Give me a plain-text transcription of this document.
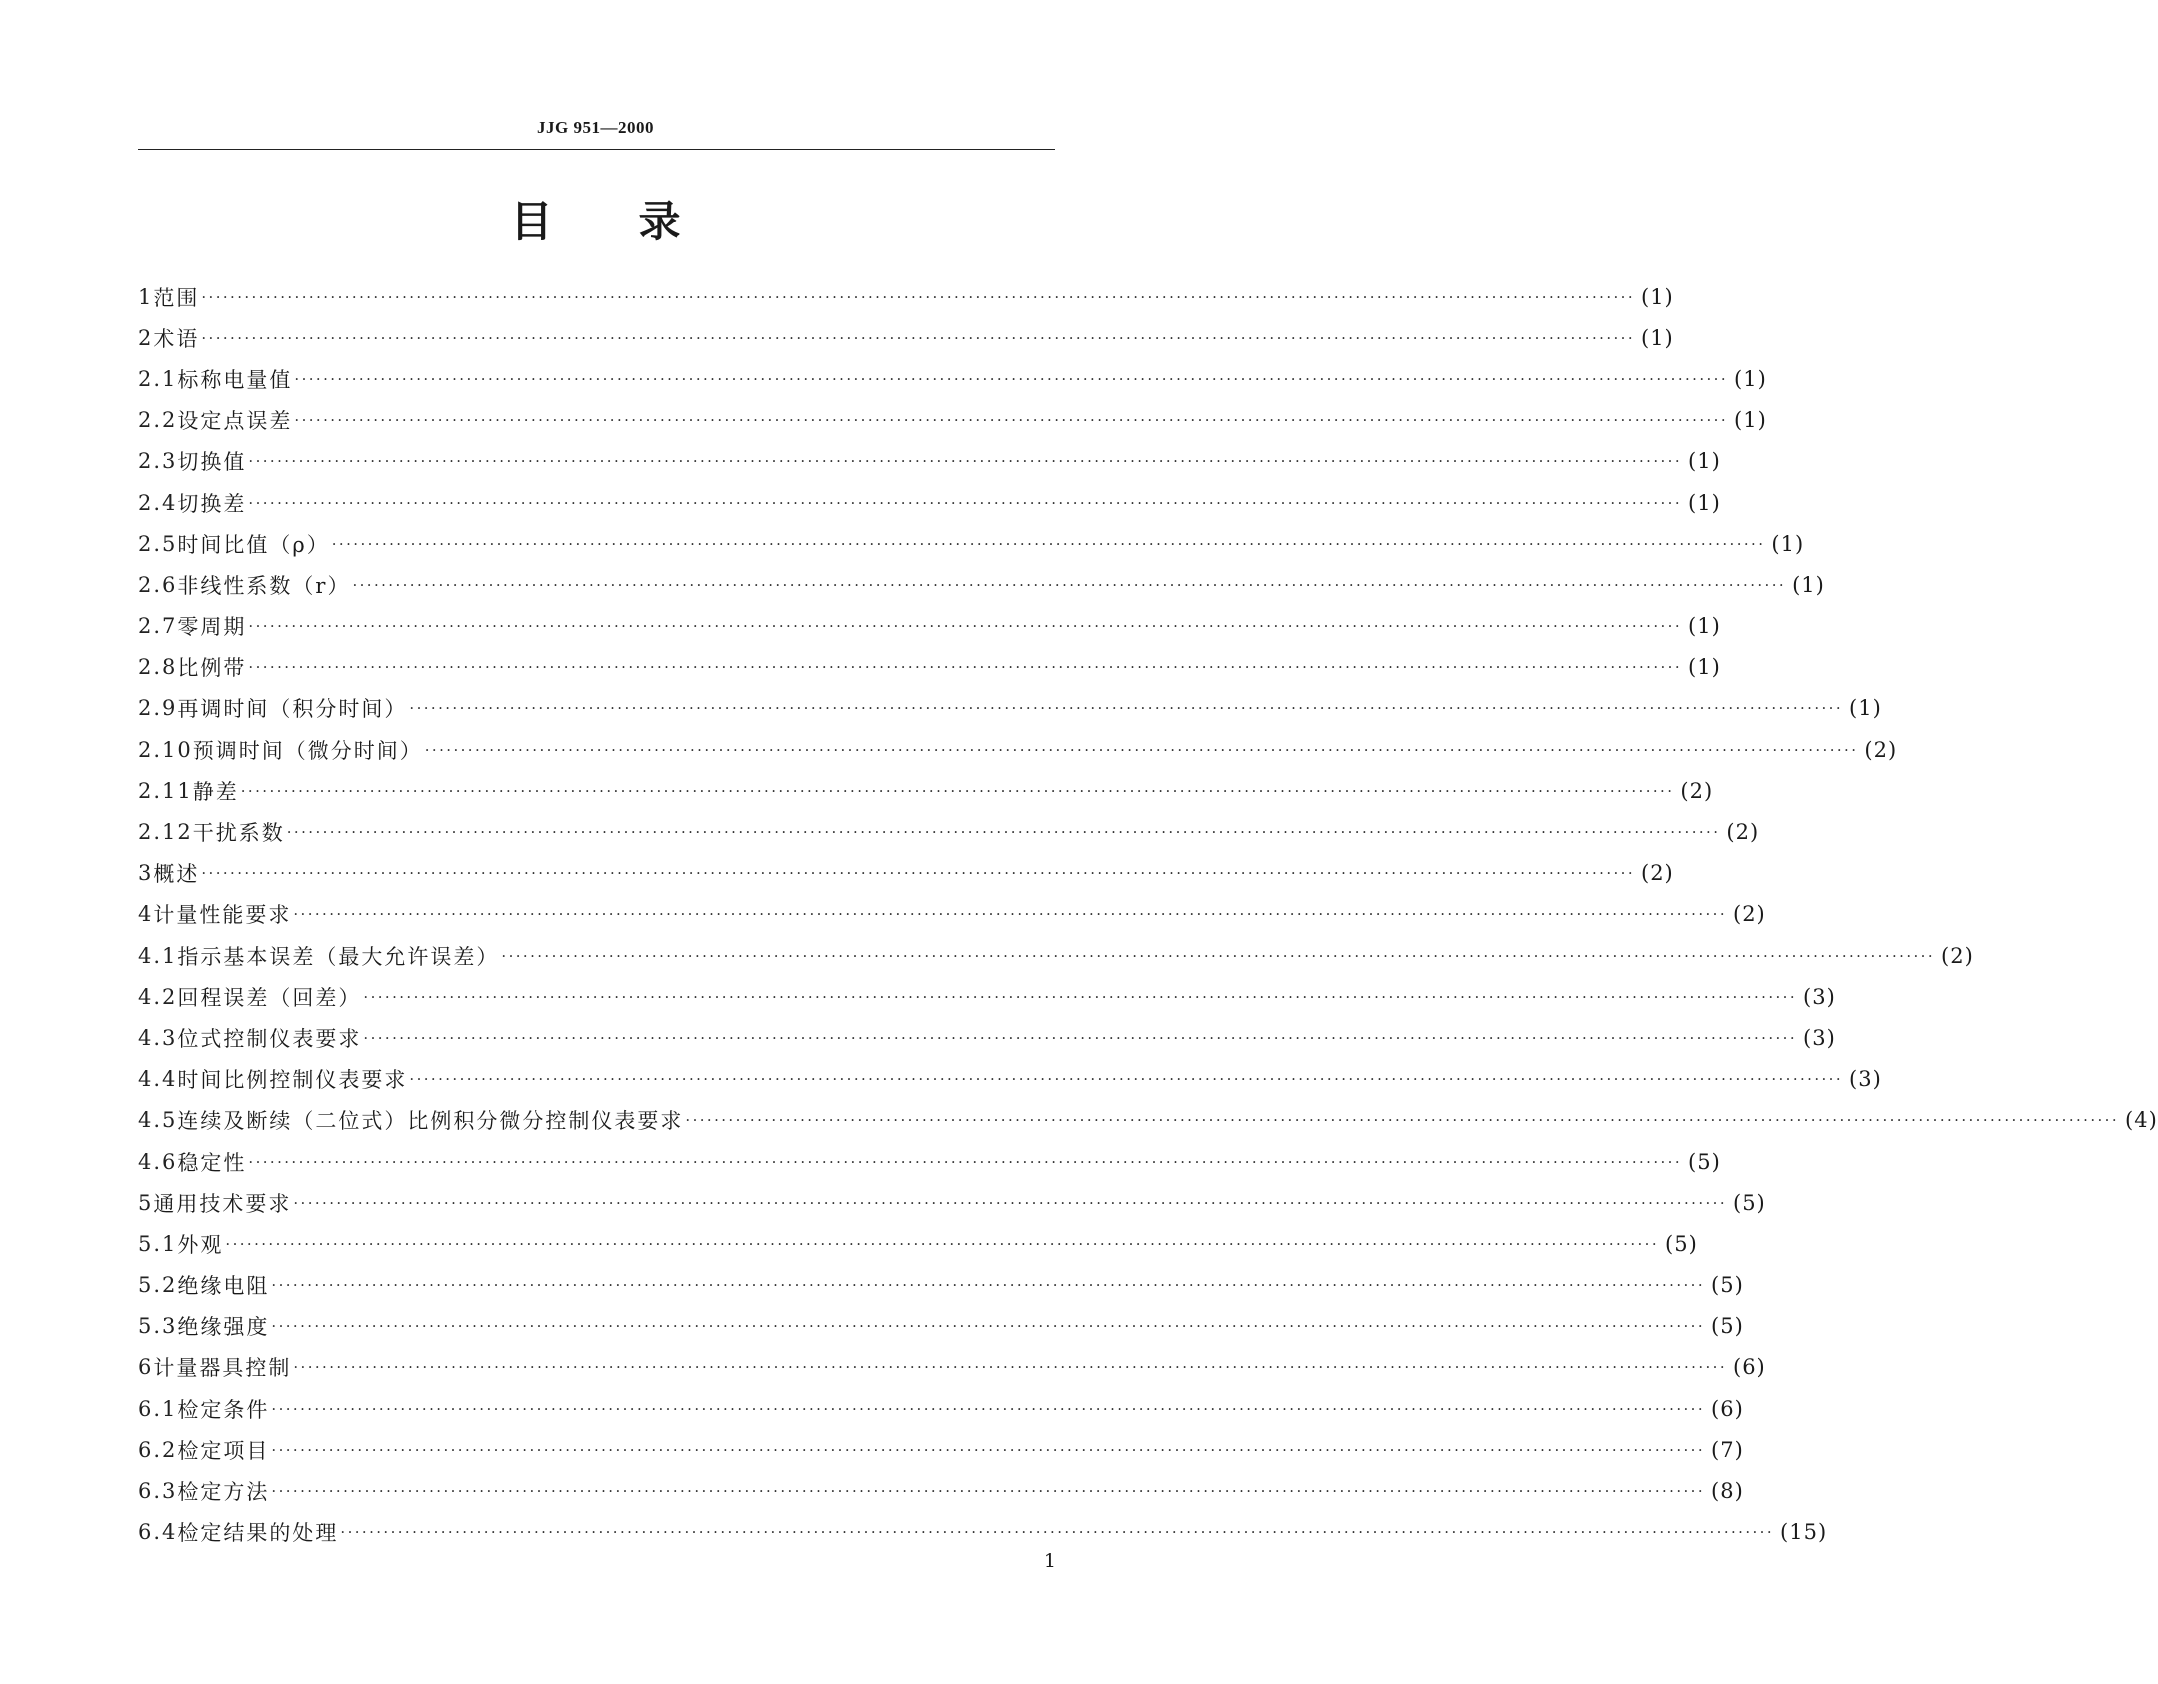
JJG 951—2000
目录
1 范围 ········································································································································································································ (1)
2 术语 ········································································································································································································ (1)
2.1 标称电量值 ········································································································································································································ (1)
2.2 设定点误差 ········································································································································································································ (1)
2.3 切换值 ········································································································································································································ (1)
2.4 切换差 ········································································································································································································ (1)
2.5 时间比值（ρ） ········································································································································································································ (1)
2.6 非线性系数（r） ········································································································································································································ (1)
2.7 零周期 ········································································································································································································ (1)
2.8 比例带 ········································································································································································································ (1)
2.9 再调时间（积分时间） ········································································································································································································ (1)
2.10 预调时间（微分时间） ········································································································································································································ (2)
2.11 静差 ········································································································································································································ (2)
2.12 干扰系数 ········································································································································································································ (2)
3 概述 ········································································································································································································ (2)
4 计量性能要求 ········································································································································································································ (2)
4.1 指示基本误差（最大允许误差） ········································································································································································································ (2)
4.2 回程误差（回差） ········································································································································································································ (3)
4.3 位式控制仪表要求 ········································································································································································································ (3)
4.4 时间比例控制仪表要求 ········································································································································································································ (3)
4.5 连续及断续（二位式）比例积分微分控制仪表要求 ········································································································································································································ (4)
4.6 稳定性 ········································································································································································································ (5)
5 通用技术要求 ········································································································································································································ (5)
5.1 外观 ········································································································································································································ (5)
5.2 绝缘电阻 ········································································································································································································ (5)
5.3 绝缘强度 ········································································································································································································ (5)
6 计量器具控制 ········································································································································································································ (6)
6.1 检定条件 ········································································································································································································ (6)
6.2 检定项目 ········································································································································································································ (7)
6.3 检定方法 ········································································································································································································ (8)
6.4 检定结果的处理 ········································································································································································································ (15)
1
